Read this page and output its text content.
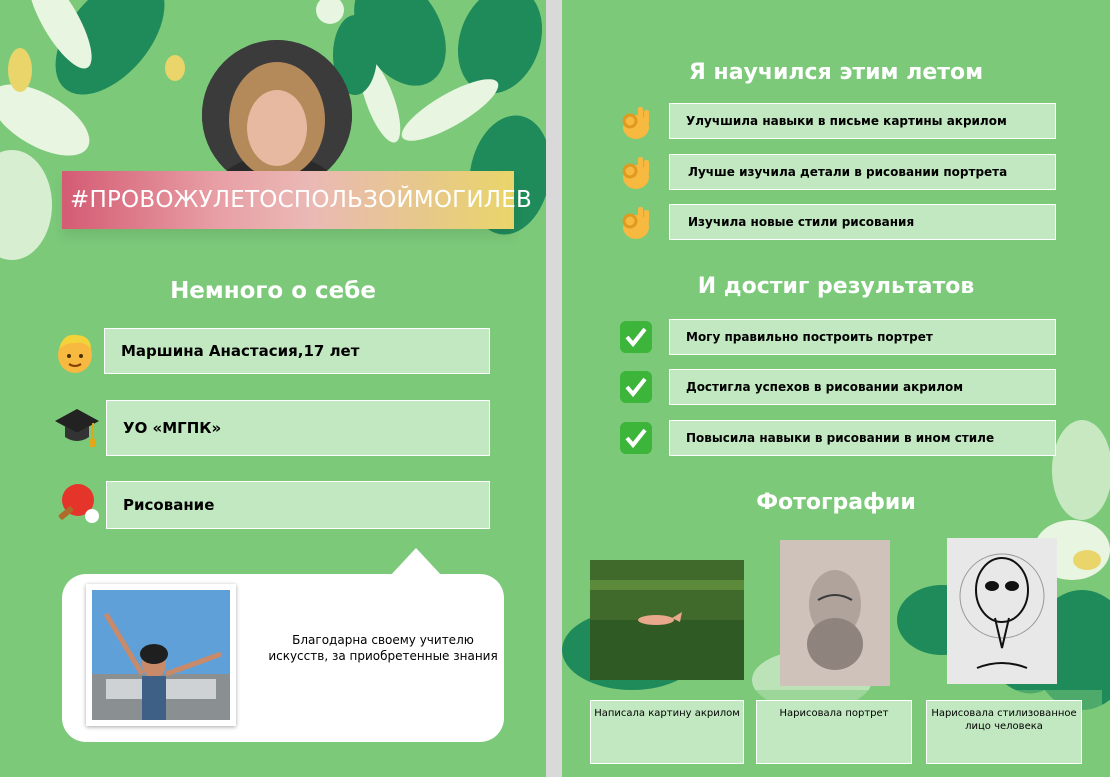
#ПРОВОЖУЛЕТОСПОЛЬЗОЙМОГИЛЕВ
Немного о себе
Маршина Анастасия,17 лет
УО «МГПК»
Рисование
Благодарна своему учителю искусств, за приобретенные знания
Я научился этим летом
Улучшила навыки в письме картины акрилом
Лучше изучила детали в рисовании портрета
Изучила новые стили рисования
И достиг результатов
Могу правильно построить портрет
Достигла успехов в рисовании акрилом
Повысила навыки в рисовании в ином стиле
Фотографии
Написала картину акрилом	Нарисовала портрет	Нарисовала стилизованное лицо человека
